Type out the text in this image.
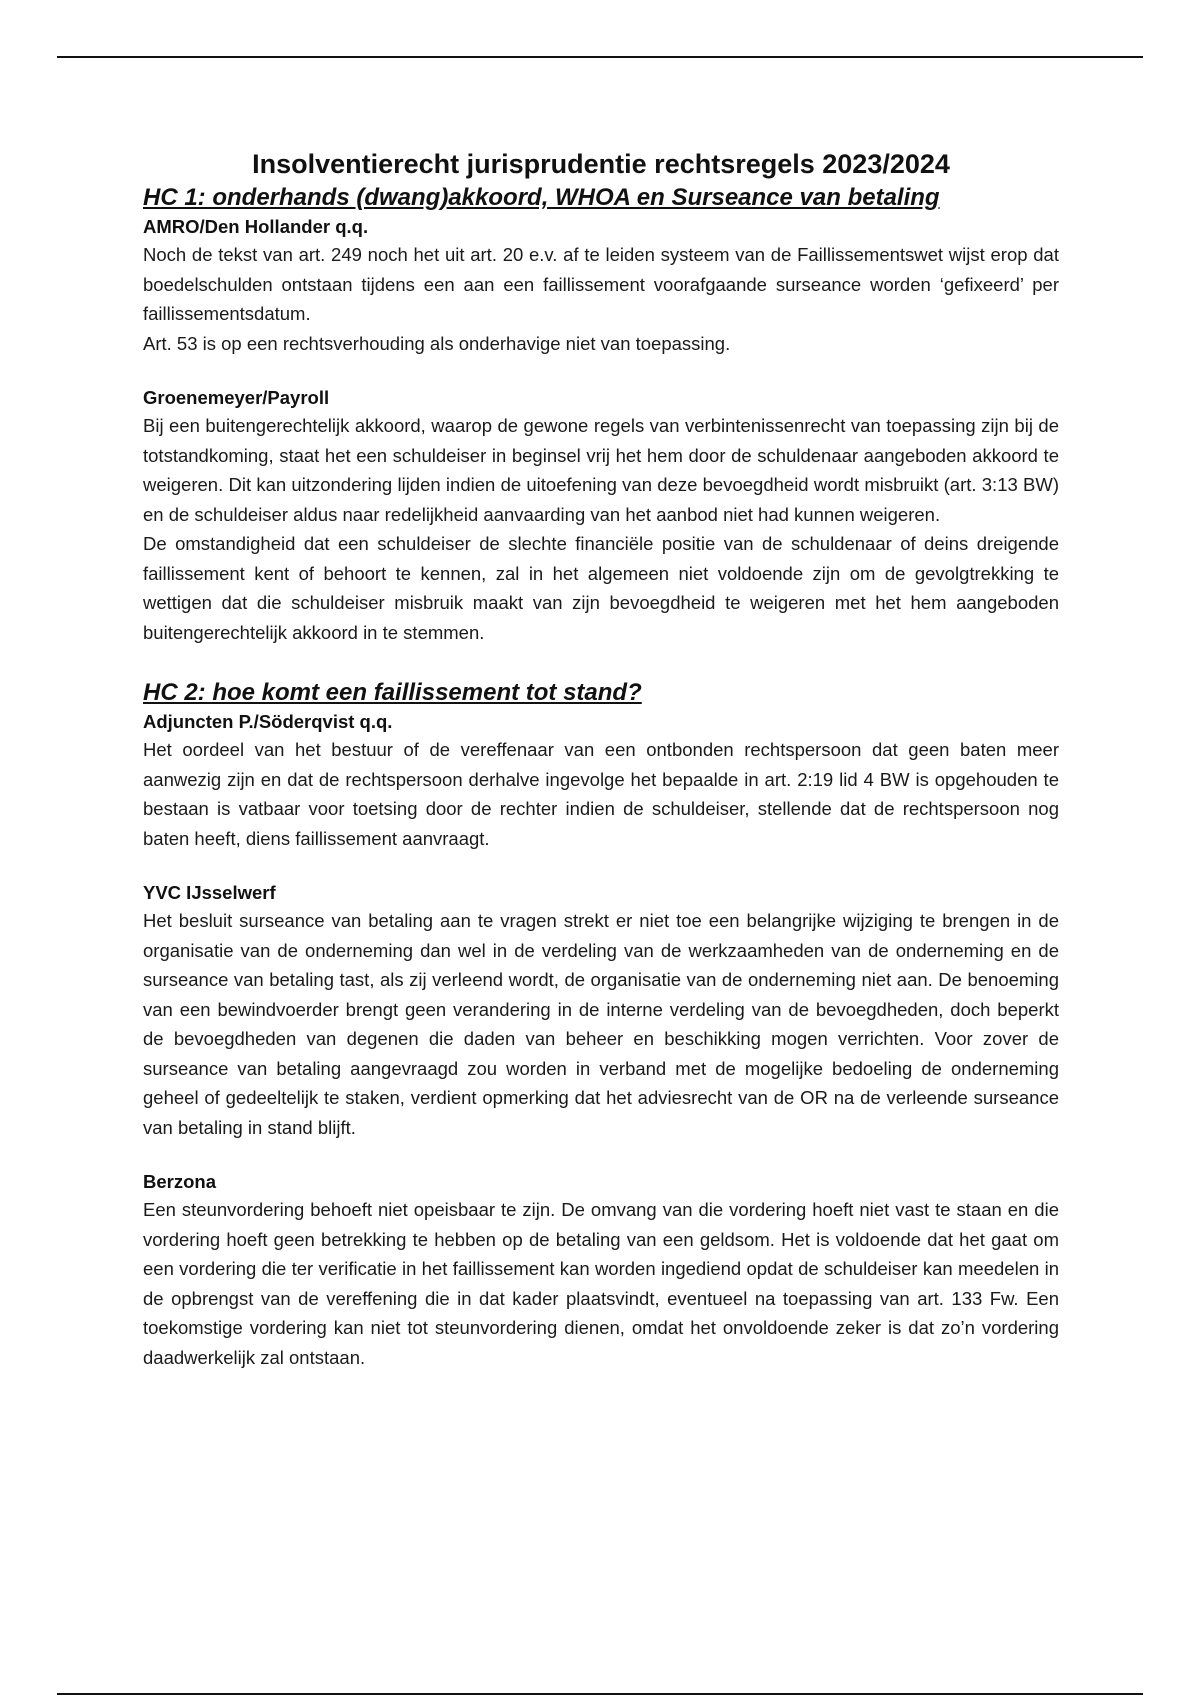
Insolventierecht jurisprudentie rechtsregels 2023/2024
HC 1: onderhands (dwang)akkoord, WHOA en Surseance van betaling
AMRO/Den Hollander q.q.

Noch de tekst van art. 249 noch het uit art. 20 e.v. af te leiden systeem van de Faillissementswet wijst erop dat boedelschulden ontstaan tijdens een aan een faillissement voorafgaande surseance worden ‘gefixeerd’ per faillissementsdatum.

Art. 53 is op een rechtsverhouding als onderhavige niet van toepassing.

Groenemeyer/Payroll

Bij een buitengerechtelijk akkoord, waarop de gewone regels van verbintenissenrecht van toepassing zijn bij de totstandkoming, staat het een schuldeiser in beginsel vrij het hem door de schuldenaar aangeboden akkoord te weigeren. Dit kan uitzondering lijden indien de uitoefening van deze bevoegdheid wordt misbruikt (art. 3:13 BW) en de schuldeiser aldus naar redelijkheid aanvaarding van het aanbod niet had kunnen weigeren.

De omstandigheid dat een schuldeiser de slechte financiële positie van de schuldenaar of deins dreigende faillissement kent of behoort te kennen, zal in het algemeen niet voldoende zijn om de gevolgtrekking te wettigen dat die schuldeiser misbruik maakt van zijn bevoegdheid te weigeren met het hem aangeboden buitengerechtelijk akkoord in te stemmen.

HC 2: hoe komt een faillissement tot stand?
Adjuncten P./Söderqvist q.q.

Het oordeel van het bestuur of de vereffenaar van een ontbonden rechtspersoon dat geen baten meer aanwezig zijn en dat de rechtspersoon derhalve ingevolge het bepaalde in art. 2:19 lid 4 BW is opgehouden te bestaan is vatbaar voor toetsing door de rechter indien de schuldeiser, stellende dat de rechtspersoon nog baten heeft, diens faillissement aanvraagt.

YVC IJsselwerf

Het besluit surseance van betaling aan te vragen strekt er niet toe een belangrijke wijziging te brengen in de organisatie van de onderneming dan wel in de verdeling van de werkzaamheden van de onderneming en de surseance van betaling tast, als zij verleend wordt, de organisatie van de onderneming niet aan. De benoeming van een bewindvoerder brengt geen verandering in de interne verdeling van de bevoegdheden, doch beperkt de bevoegdheden van degenen die daden van beheer en beschikking mogen verrichten. Voor zover de surseance van betaling aangevraagd zou worden in verband met de mogelijke bedoeling de onderneming geheel of gedeeltelijk te staken, verdient opmerking dat het adviesrecht van de OR na de verleende surseance van betaling in stand blijft.

Berzona

Een steunvordering behoeft niet opeisbaar te zijn. De omvang van die vordering hoeft niet vast te staan en die vordering hoeft geen betrekking te hebben op de betaling van een geldsom. Het is voldoende dat het gaat om een vordering die ter verificatie in het faillissement kan worden ingediend opdat de schuldeiser kan meedelen in de opbrengst van de vereffening die in dat kader plaatsvindt, eventueel na toepassing van art. 133 Fw. Een toekomstige vordering kan niet tot steunvordering dienen, omdat het onvoldoende zeker is dat zo’n vordering daadwerkelijk zal ontstaan.
